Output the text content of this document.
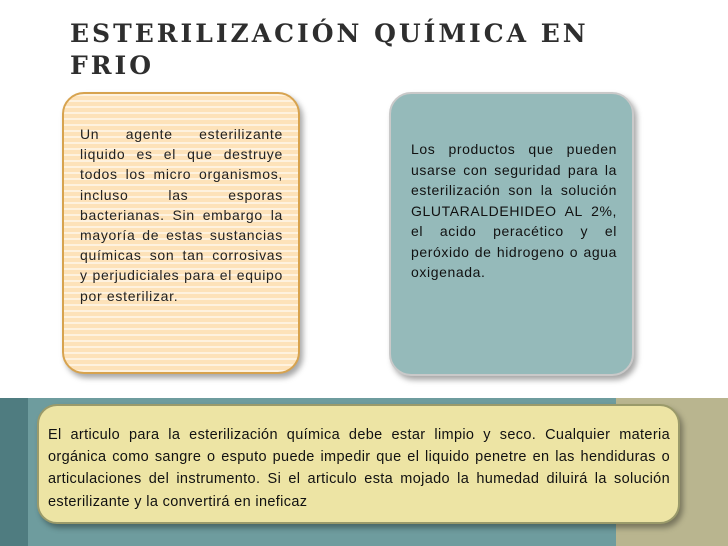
ESTERILIZACIÓN QUÍMICA EN
FRIO

Un agente esterilizante liquido es el que destruye todos los micro organismos, incluso las esporas bacterianas. Sin embargo la mayoría de estas sustancias químicas son tan corrosivas y perjudiciales para el equipo por esterilizar.

Los productos que pueden usarse con seguridad para la esterilización son la solución GLUTARALDEHIDEO AL 2%, el acido peracético y el peróxido de hidrogeno o agua oxigenada.

El articulo para la esterilización química debe estar limpio y seco. Cualquier materia orgánica como sangre o esputo puede impedir que el liquido penetre en las hendiduras o articulaciones del instrumento. Si el articulo esta mojado la humedad diluirá la solución esterilizante y la convertirá en ineficaz
